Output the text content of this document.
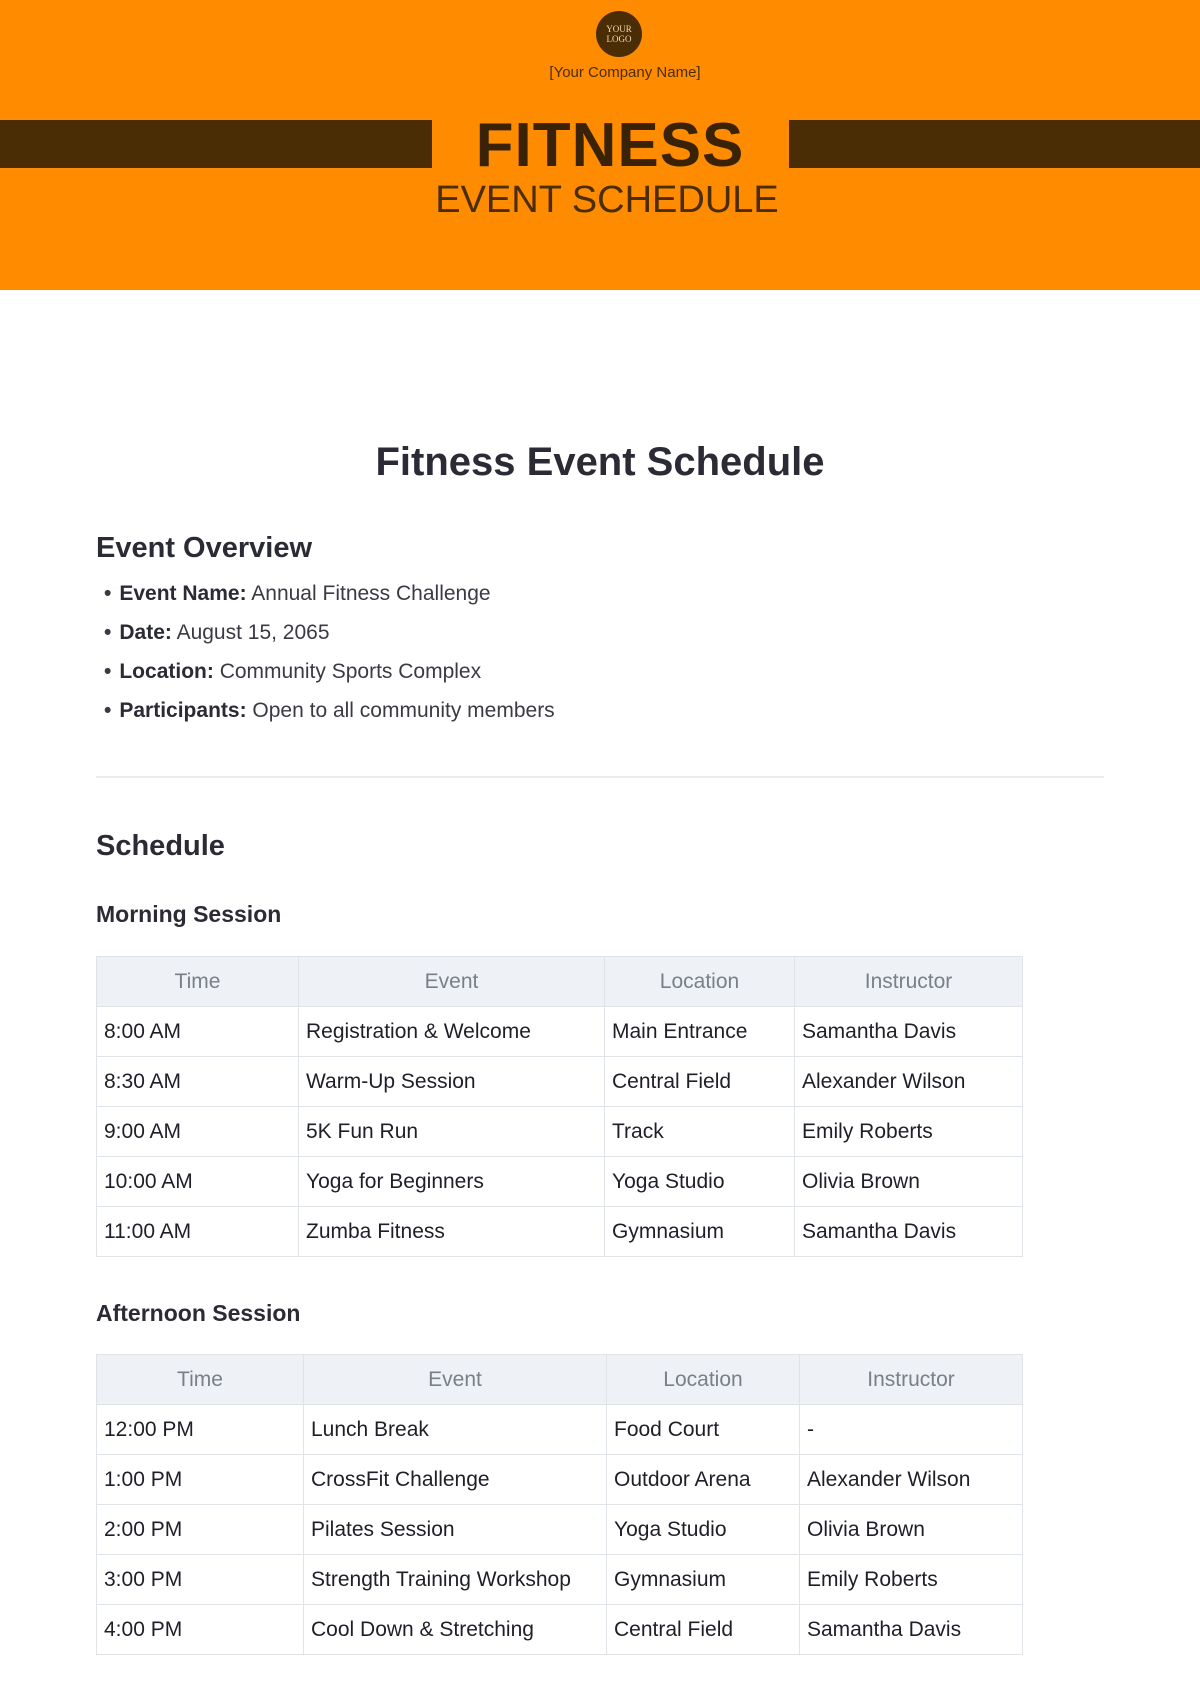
YOUR
LOGO
[Your Company Name]
FITNESS
EVENT SCHEDULE
Fitness Event Schedule
Event Overview
• Event Name: Annual Fitness Challenge
• Date: August 15, 2065
• Location: Community Sports Complex
• Participants: Open to all community members
Schedule
Morning Session
Time	Event	Location	Instructor
8:00 AM	Registration & Welcome	Main Entrance	Samantha Davis
8:30 AM	Warm-Up Session	Central Field	Alexander Wilson
9:00 AM	5K Fun Run	Track	Emily Roberts
10:00 AM	Yoga for Beginners	Yoga Studio	Olivia Brown
11:00 AM	Zumba Fitness	Gymnasium	Samantha Davis
Afternoon Session
Time	Event	Location	Instructor
12:00 PM	Lunch Break	Food Court	-
1:00 PM	CrossFit Challenge	Outdoor Arena	Alexander Wilson
2:00 PM	Pilates Session	Yoga Studio	Olivia Brown
3:00 PM	Strength Training Workshop	Gymnasium	Emily Roberts
4:00 PM	Cool Down & Stretching	Central Field	Samantha Davis
